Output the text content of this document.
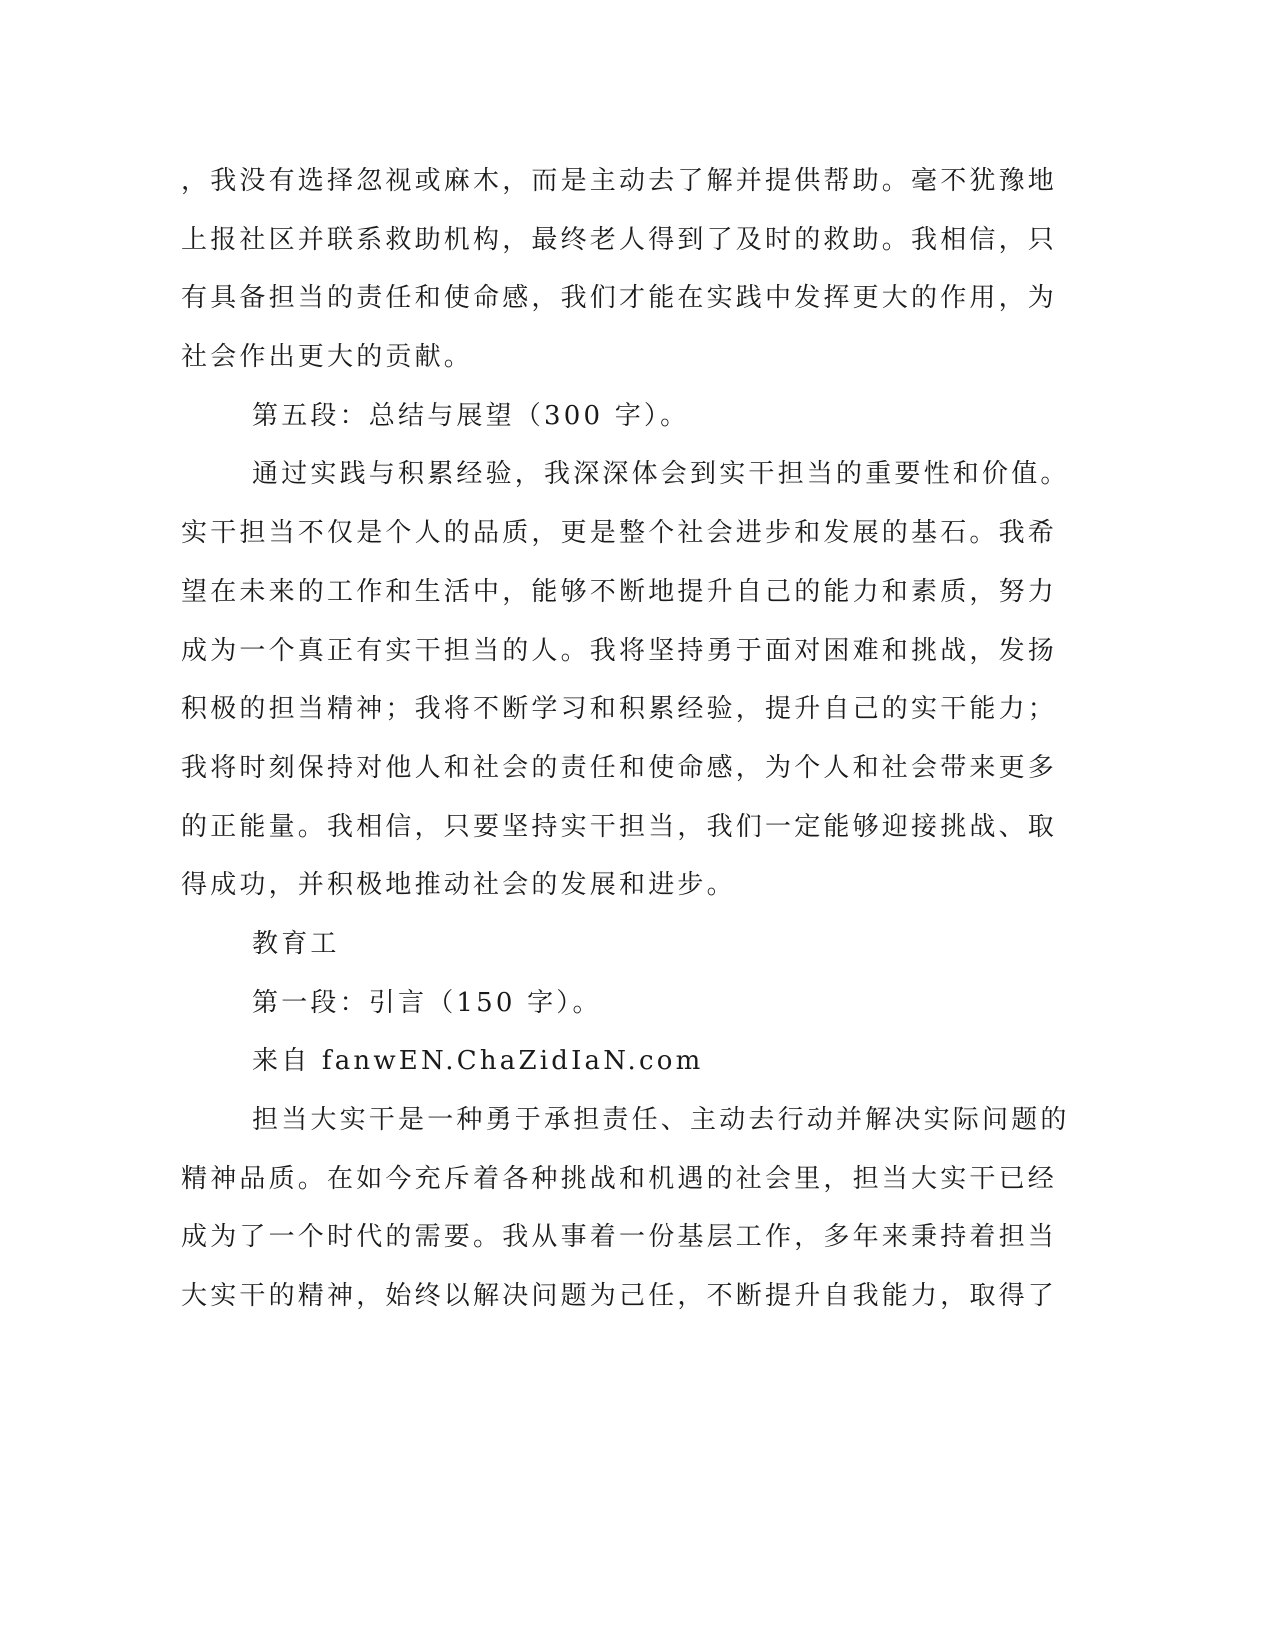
，我没有选择忽视或麻木，而是主动去了解并提供帮助。毫不犹豫地
上报社区并联系救助机构，最终老人得到了及时的救助。我相信，只
有具备担当的责任和使命感，我们才能在实践中发挥更大的作用，为
社会作出更大的贡献。
第五段：总结与展望（300 字）。
通过实践与积累经验，我深深体会到实干担当的重要性和价值。
实干担当不仅是个人的品质，更是整个社会进步和发展的基石。我希
望在未来的工作和生活中，能够不断地提升自己的能力和素质，努力
成为一个真正有实干担当的人。我将坚持勇于面对困难和挑战，发扬
积极的担当精神；我将不断学习和积累经验，提升自己的实干能力；
我将时刻保持对他人和社会的责任和使命感，为个人和社会带来更多
的正能量。我相信，只要坚持实干担当，我们一定能够迎接挑战、取
得成功，并积极地推动社会的发展和进步。
教育工
第一段：引言（150 字）。
来自 fanwEN.ChaZidIaN.com
担当大实干是一种勇于承担责任、主动去行动并解决实际问题的
精神品质。在如今充斥着各种挑战和机遇的社会里，担当大实干已经
成为了一个时代的需要。我从事着一份基层工作，多年来秉持着担当
大实干的精神，始终以解决问题为己任，不断提升自我能力，取得了
